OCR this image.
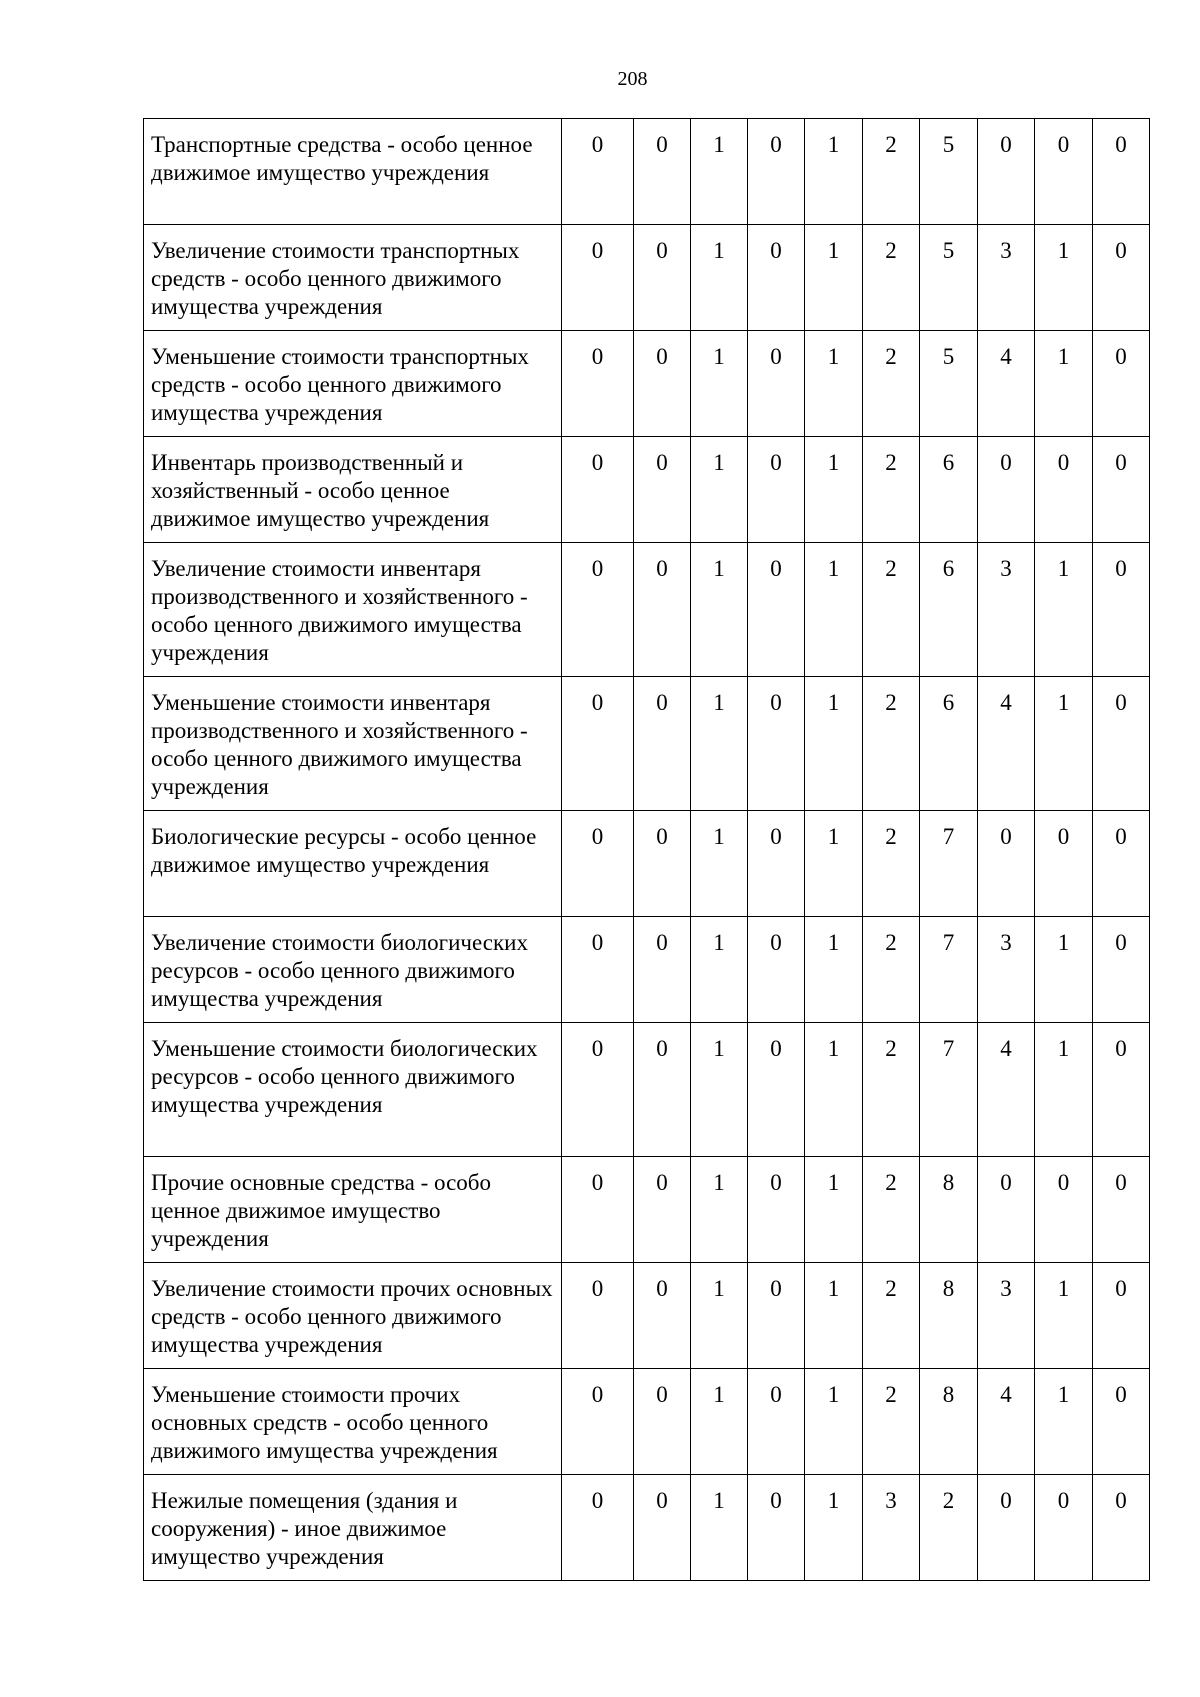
208
Транспортные средства - особо ценное движимое имущество учреждения	0	0	1	0	1	2	5	0	0	0
Увеличение стоимости транспортных средств - особо ценного движимого имущества учреждения	0	0	1	0	1	2	5	3	1	0
Уменьшение стоимости транспортных средств - особо ценного движимого имущества учреждения	0	0	1	0	1	2	5	4	1	0
Инвентарь производственный и хозяйственный - особо ценное движимое имущество учреждения	0	0	1	0	1	2	6	0	0	0
Увеличение стоимости инвентаря производственного и хозяйственного - особо ценного движимого имущества учреждения	0	0	1	0	1	2	6	3	1	0
Уменьшение стоимости инвентаря производственного и хозяйственного - особо ценного движимого имущества учреждения	0	0	1	0	1	2	6	4	1	0
Биологические ресурсы - особо ценное движимое имущество учреждения	0	0	1	0	1	2	7	0	0	0
Увеличение стоимости биологических ресурсов - особо ценного движимого имущества учреждения	0	0	1	0	1	2	7	3	1	0
Уменьшение стоимости биологических ресурсов - особо ценного движимого имущества учреждения	0	0	1	0	1	2	7	4	1	0
Прочие основные средства - особо ценное движимое имущество учреждения	0	0	1	0	1	2	8	0	0	0
Увеличение стоимости прочих основных средств - особо ценного движимого имущества учреждения	0	0	1	0	1	2	8	3	1	0
Уменьшение стоимости прочих основных средств - особо ценного движимого имущества учреждения	0	0	1	0	1	2	8	4	1	0
Нежилые помещения (здания и сооружения) - иное движимое имущество учреждения	0	0	1	0	1	3	2	0	0	0
